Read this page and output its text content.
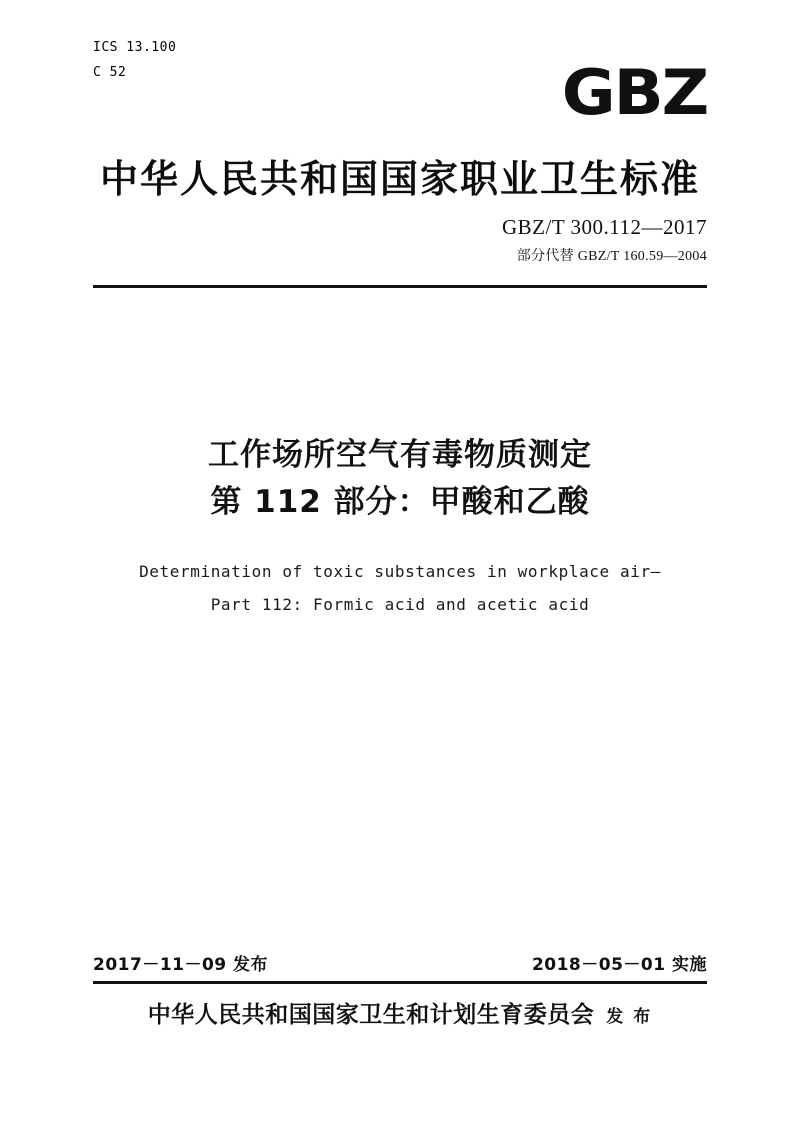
ICS 13.100
C 52	GBZ
中华人民共和国国家职业卫生标准
GBZ/T 300.112—2017
部分代替 GBZ/T 160.59—2004
工作场所空气有毒物质测定
第 112 部分：甲酸和乙酸
Determination of toxic substances in workplace air—
Part 112: Formic acid and acetic acid
2017－11－09 发布	2018－05－01 实施
中华人民共和国国家卫生和计划生育委员会 发 布
